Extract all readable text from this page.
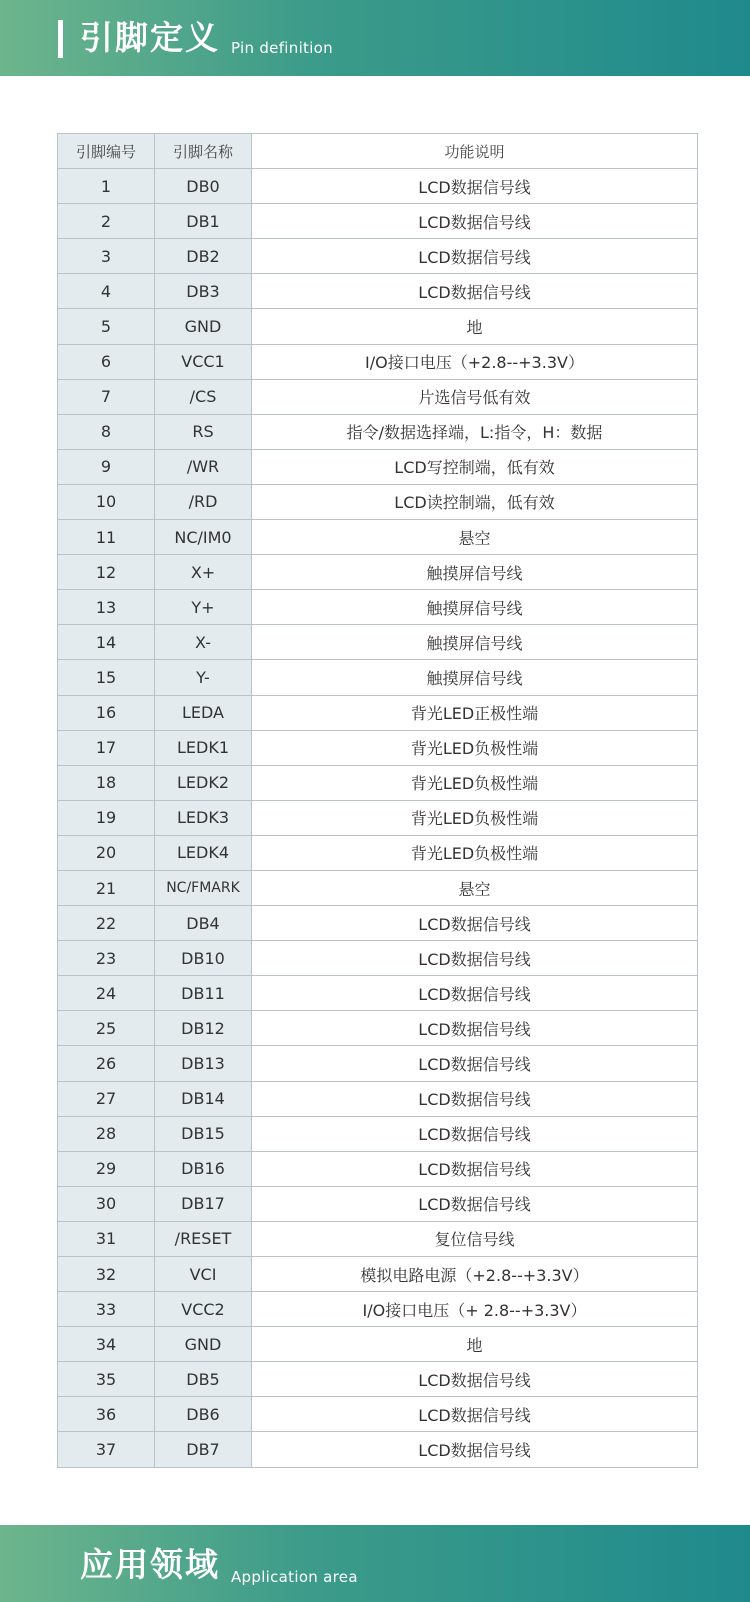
引脚定义 Pin definition
引脚编号	引脚名称	功能说明
1	DB0	LCD数据信号线
2	DB1	LCD数据信号线
3	DB2	LCD数据信号线
4	DB3	LCD数据信号线
5	GND	地
6	VCC1	I/O接口电压（+2.8--+3.3V）
7	/CS	片选信号低有效
8	RS	指令/数据选择端，L:指令，H：数据
9	/WR	LCD写控制端，低有效
10	/RD	LCD读控制端，低有效
11	NC/IM0	悬空
12	X+	触摸屏信号线
13	Y+	触摸屏信号线
14	X-	触摸屏信号线
15	Y-	触摸屏信号线
16	LEDA	背光LED正极性端
17	LEDK1	背光LED负极性端
18	LEDK2	背光LED负极性端
19	LEDK3	背光LED负极性端
20	LEDK4	背光LED负极性端
21	NC/FMARK	悬空
22	DB4	LCD数据信号线
23	DB10	LCD数据信号线
24	DB11	LCD数据信号线
25	DB12	LCD数据信号线
26	DB13	LCD数据信号线
27	DB14	LCD数据信号线
28	DB15	LCD数据信号线
29	DB16	LCD数据信号线
30	DB17	LCD数据信号线
31	/RESET	复位信号线
32	VCI	模拟电路电源（+2.8--+3.3V）
33	VCC2	I/O接口电压（+ 2.8--+3.3V）
34	GND	地
35	DB5	LCD数据信号线
36	DB6	LCD数据信号线
37	DB7	LCD数据信号线
应用领域 Application area
